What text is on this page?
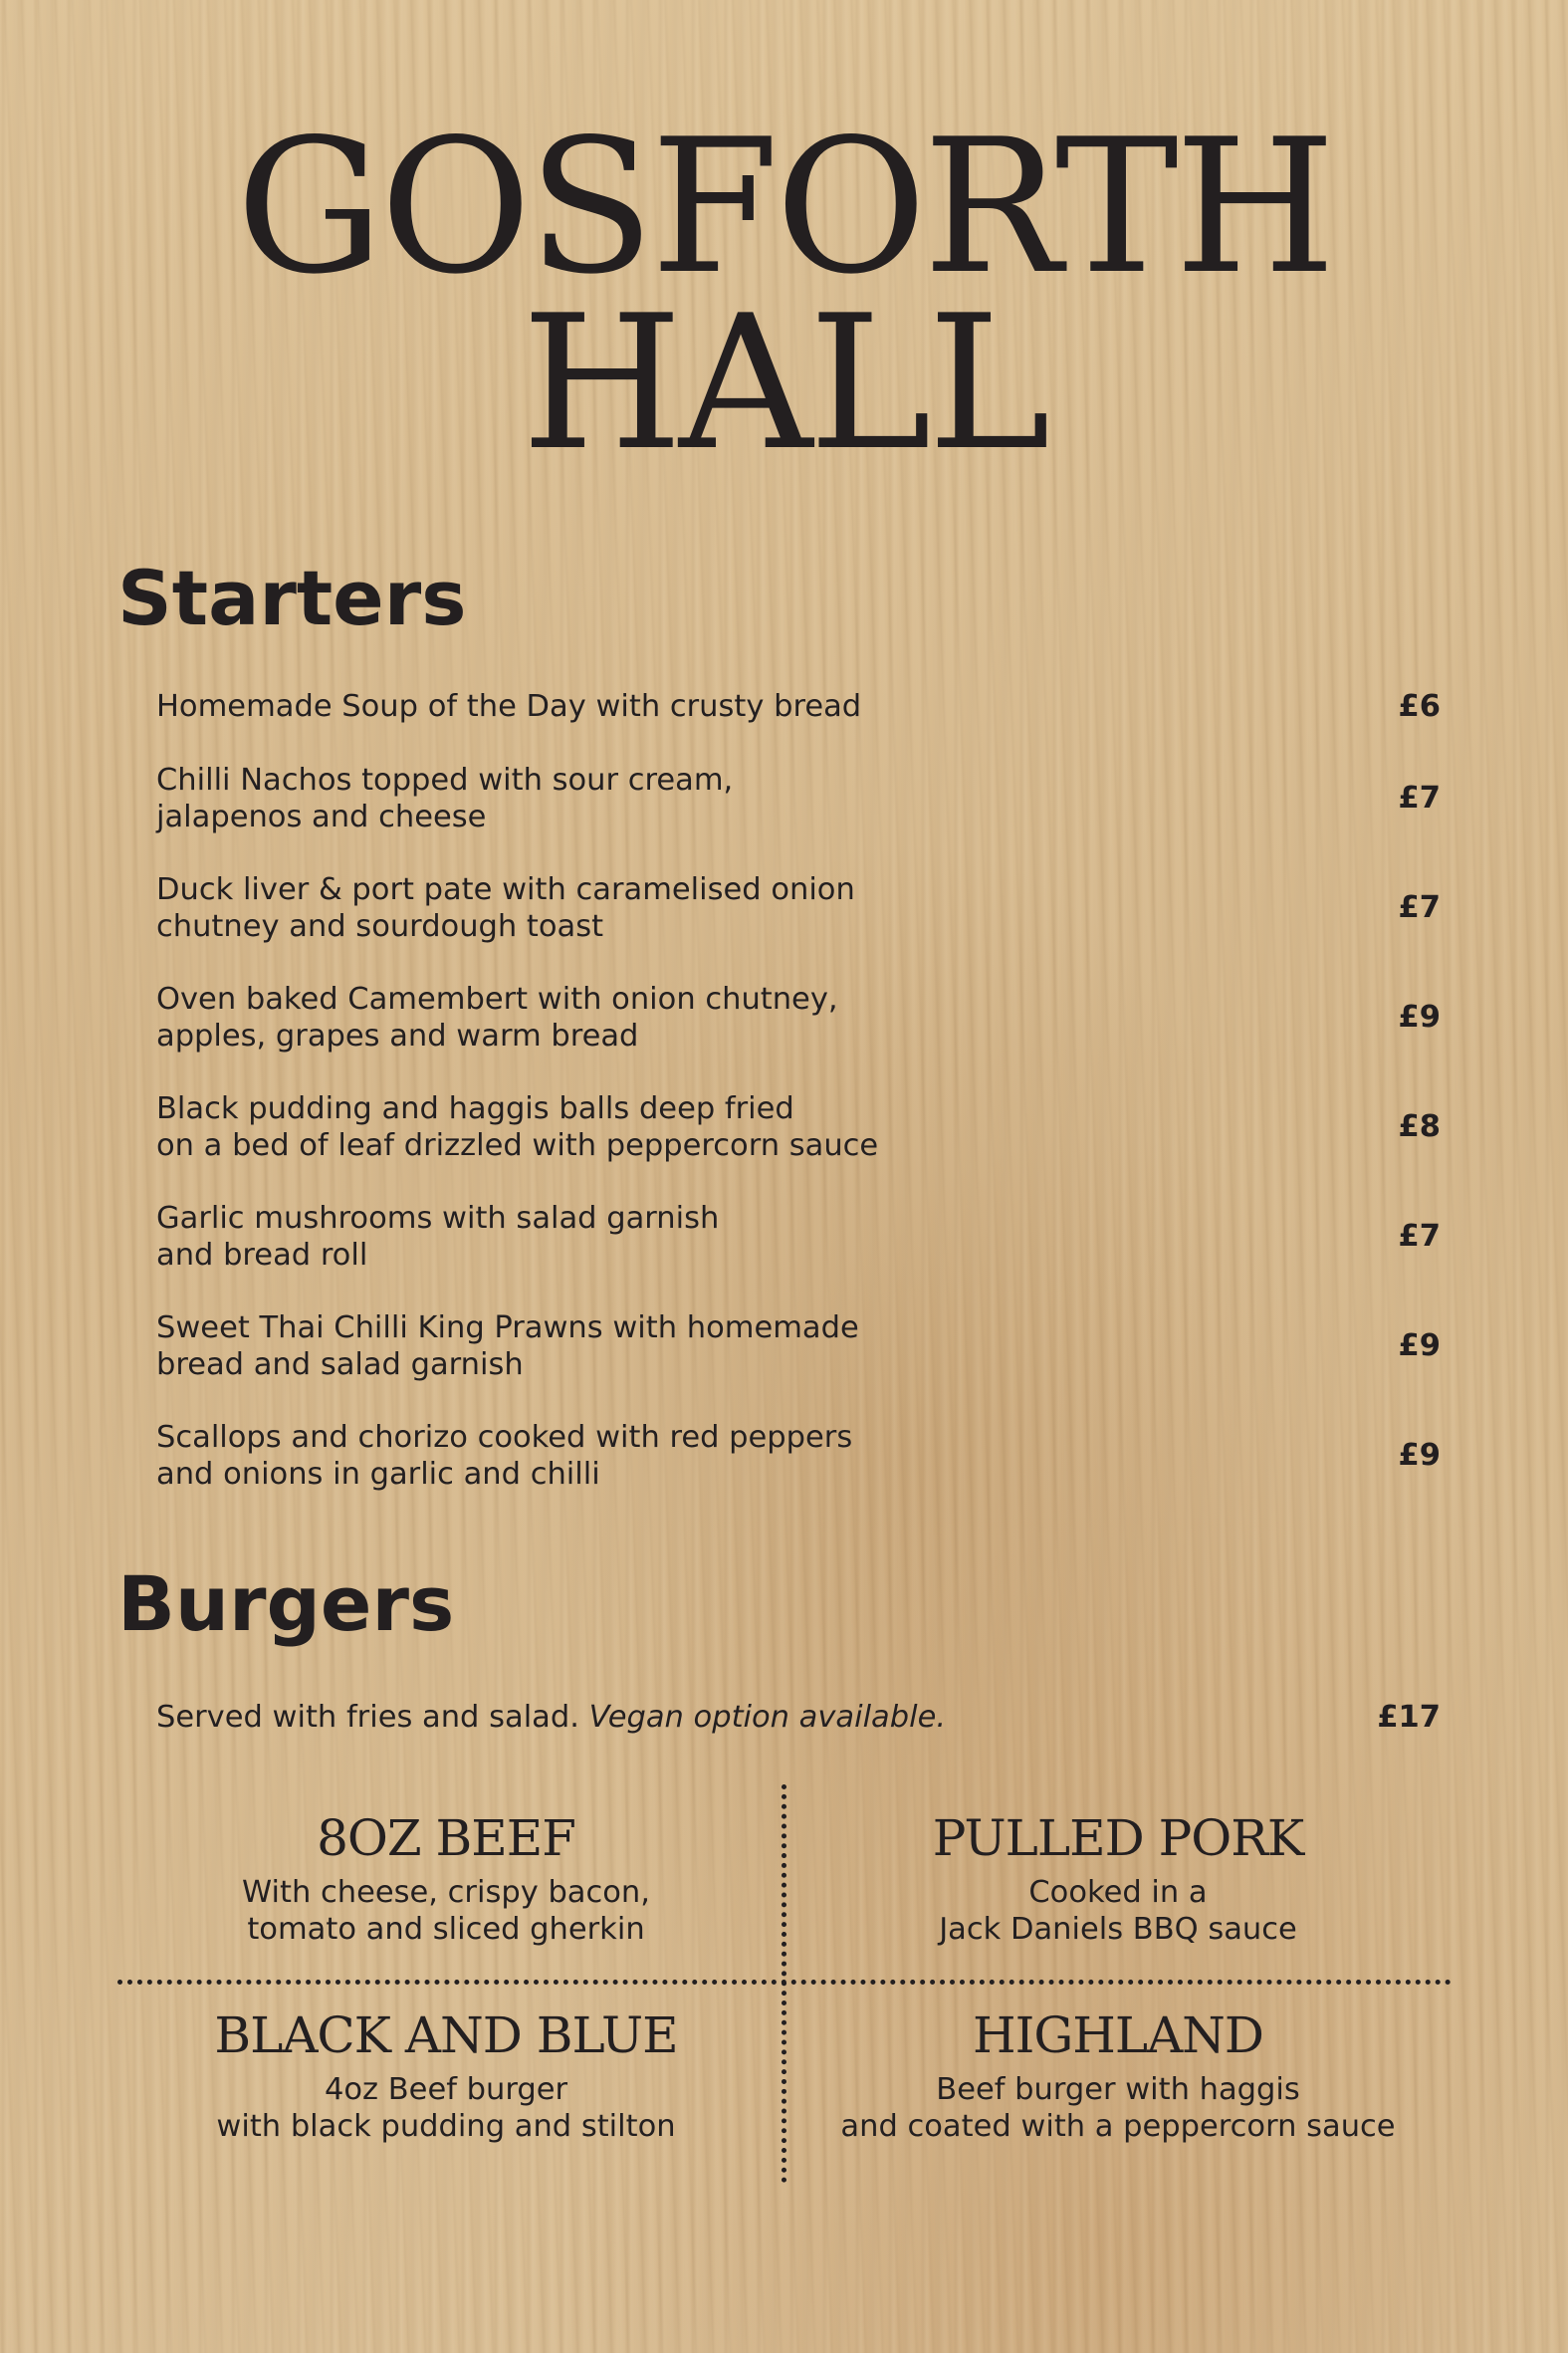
GOSFORTH
HALL
Starters
Homemade Soup of the Day with crusty bread	£6
Chilli Nachos topped with sour cream,
jalapenos and cheese
£7
Duck liver & port pate with caramelised onion
chutney and sourdough toast
£7
Oven baked Camembert with onion chutney,
apples, grapes and warm bread
£9
Black pudding and haggis balls deep fried
on a bed of leaf drizzled with peppercorn sauce
£8
Garlic mushrooms with salad garnish
and bread roll
£7
Sweet Thai Chilli King Prawns with homemade
bread and salad garnish
£9
Scallops and chorizo cooked with red peppers
and onions in garlic and chilli
£9
Burgers
Served with fries and salad. Vegan option available.	£17
8OZ BEEF
With cheese, crispy bacon,
tomato and sliced gherkin
PULLED PORK
Cooked in a
Jack Daniels BBQ sauce
BLACK AND BLUE
4oz Beef burger
with black pudding and stilton
HIGHLAND
Beef burger with haggis
and coated with a peppercorn sauce
